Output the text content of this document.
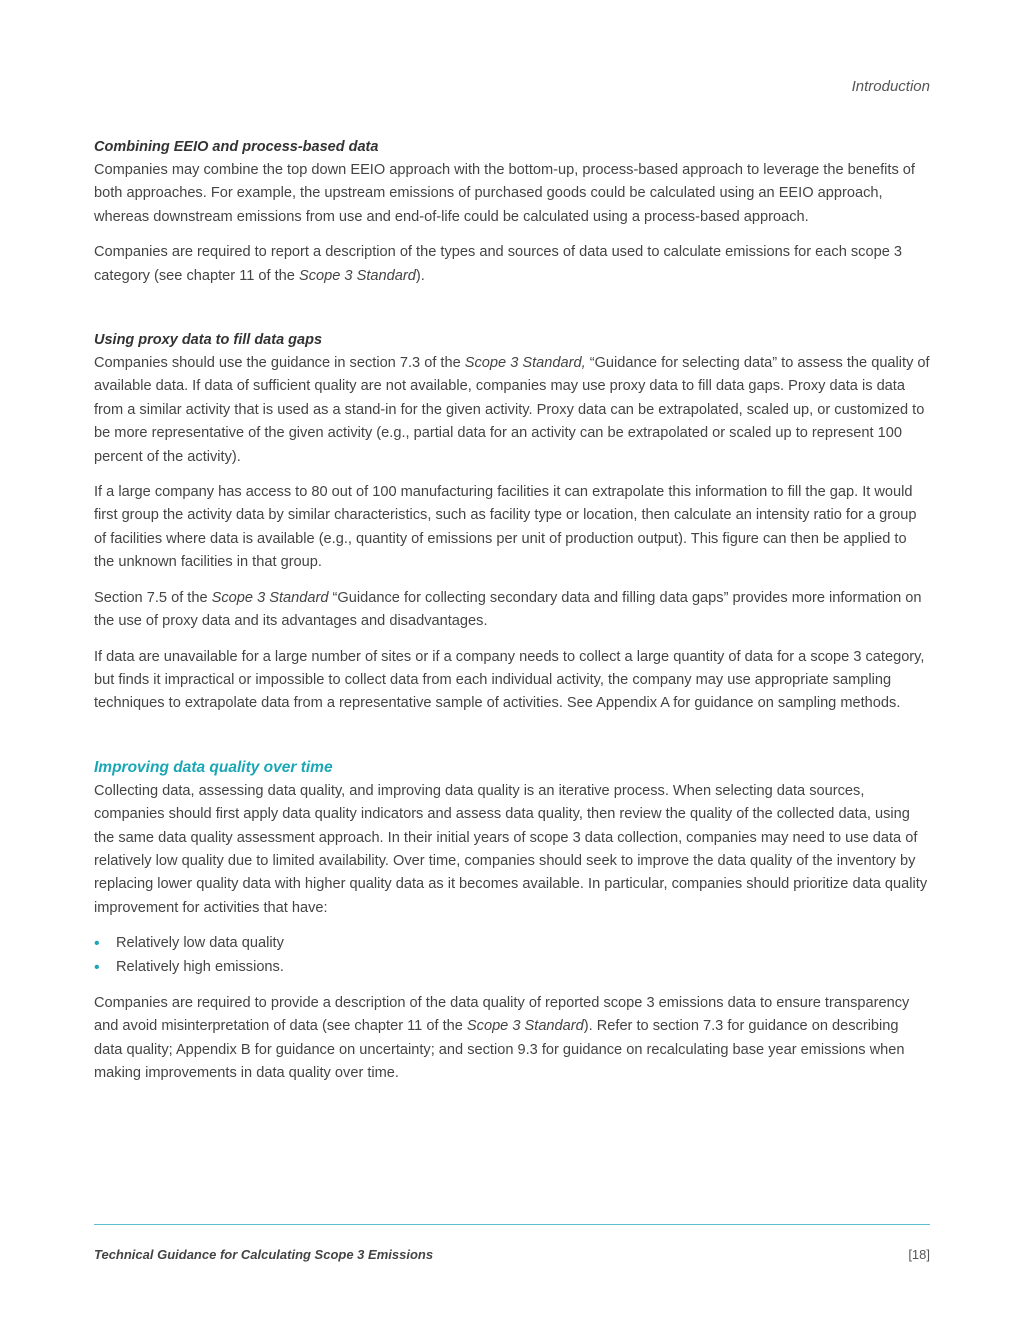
Introduction
Combining EEIO and process-based data

Companies may combine the top down EEIO approach with the bottom-up, process-based approach to leverage the benefits of both approaches. For example, the upstream emissions of purchased goods could be calculated using an EEIO approach, whereas downstream emissions from use and end-of-life could be calculated using a process-based approach.

Companies are required to report a description of the types and sources of data used to calculate emissions for each scope 3 category (see chapter 11 of the Scope 3 Standard).

Using proxy data to fill data gaps

Companies should use the guidance in section 7.3 of the Scope 3 Standard, “Guidance for selecting data” to assess the quality of available data. If data of sufficient quality are not available, companies may use proxy data to fill data gaps. Proxy data is data from a similar activity that is used as a stand-in for the given activity. Proxy data can be extrapolated, scaled up, or customized to be more representative of the given activity (e.g., partial data for an activity can be extrapolated or scaled up to represent 100 percent of the activity).

If a large company has access to 80 out of 100 manufacturing facilities it can extrapolate this information to fill the gap. It would first group the activity data by similar characteristics, such as facility type or location, then calculate an intensity ratio for a group of facilities where data is available (e.g., quantity of emissions per unit of production output). This figure can then be applied to the unknown facilities in that group.

Section 7.5 of the Scope 3 Standard “Guidance for collecting secondary data and filling data gaps” provides more information on the use of proxy data and its advantages and disadvantages.

If data are unavailable for a large number of sites or if a company needs to collect a large quantity of data for a scope 3 category, but finds it impractical or impossible to collect data from each individual activity, the company may use appropriate sampling techniques to extrapolate data from a representative sample of activities. See Appendix A for guidance on sampling methods.

Improving data quality over time

Collecting data, assessing data quality, and improving data quality is an iterative process. When selecting data sources, companies should first apply data quality indicators and assess data quality, then review the quality of the collected data, using the same data quality assessment approach. In their initial years of scope 3 data collection, companies may need to use data of relatively low quality due to limited availability. Over time, companies should seek to improve the data quality of the inventory by replacing lower quality data with higher quality data as it becomes available. In particular, companies should prioritize data quality improvement for activities that have:

• Relatively low data quality
• Relatively high emissions.

Companies are required to provide a description of the data quality of reported scope 3 emissions data to ensure transparency and avoid misinterpretation of data (see chapter 11 of the Scope 3 Standard). Refer to section 7.3 for guidance on describing data quality; Appendix B for guidance on uncertainty; and section 9.3 for guidance on recalculating base year emissions when making improvements in data quality over time.

Technical Guidance for Calculating Scope 3 Emissions	[18]
